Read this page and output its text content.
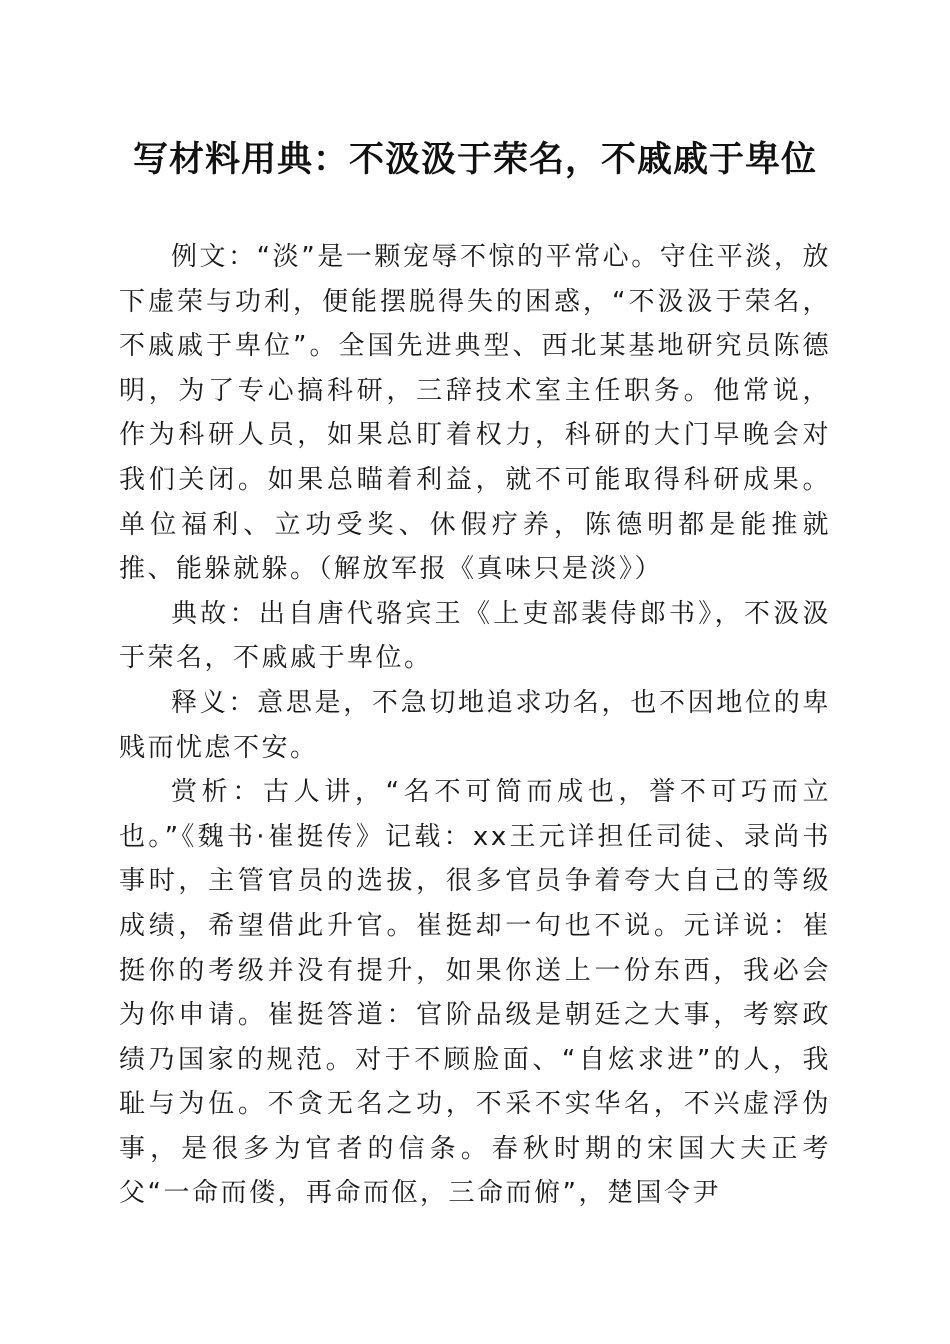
写材料用典：不汲汲于荣名，不戚戚于卑位

例文：“淡”是一颗宠辱不惊的平常心。守住平淡，放下虚荣与功利，便能摆脱得失的困惑，“不汲汲于荣名，不戚戚于卑位”。全国先进典型、西北某基地研究员陈德明，为了专心搞科研，三辞技术室主任职务。他常说，作为科研人员，如果总盯着权力，科研的大门早晚会对我们关闭。如果总瞄着利益，就不可能取得科研成果。单位福利、立功受奖、休假疗养，陈德明都是能推就推、能躲就躲。（解放军报《真味只是淡》）

典故：出自唐代骆宾王《上吏部裴侍郎书》，不汲汲于荣名，不戚戚于卑位。

释义：意思是，不急切地追求功名，也不因地位的卑贱而忧虑不安。

赏析：古人讲，“名不可简而成也，誉不可巧而立也。”《魏书·崔挺传》记载：xx王元详担任司徒、录尚书事时，主管官员的选拔，很多官员争着夸大自己的等级成绩，希望借此升官。崔挺却一句也不说。元详说：崔挺你的考级并没有提升，如果你送上一份东西，我必会为你申请。崔挺答道：官阶品级是朝廷之大事，考察政绩乃国家的规范。对于不顾脸面、“自炫求进”的人，我耻与为伍。不贪无名之功，不采不实华名，不兴虚浮伪事，是很多为官者的信条。春秋时期的宋国大夫正考父“一命而偻，再命而伛，三命而俯”，楚国令尹
